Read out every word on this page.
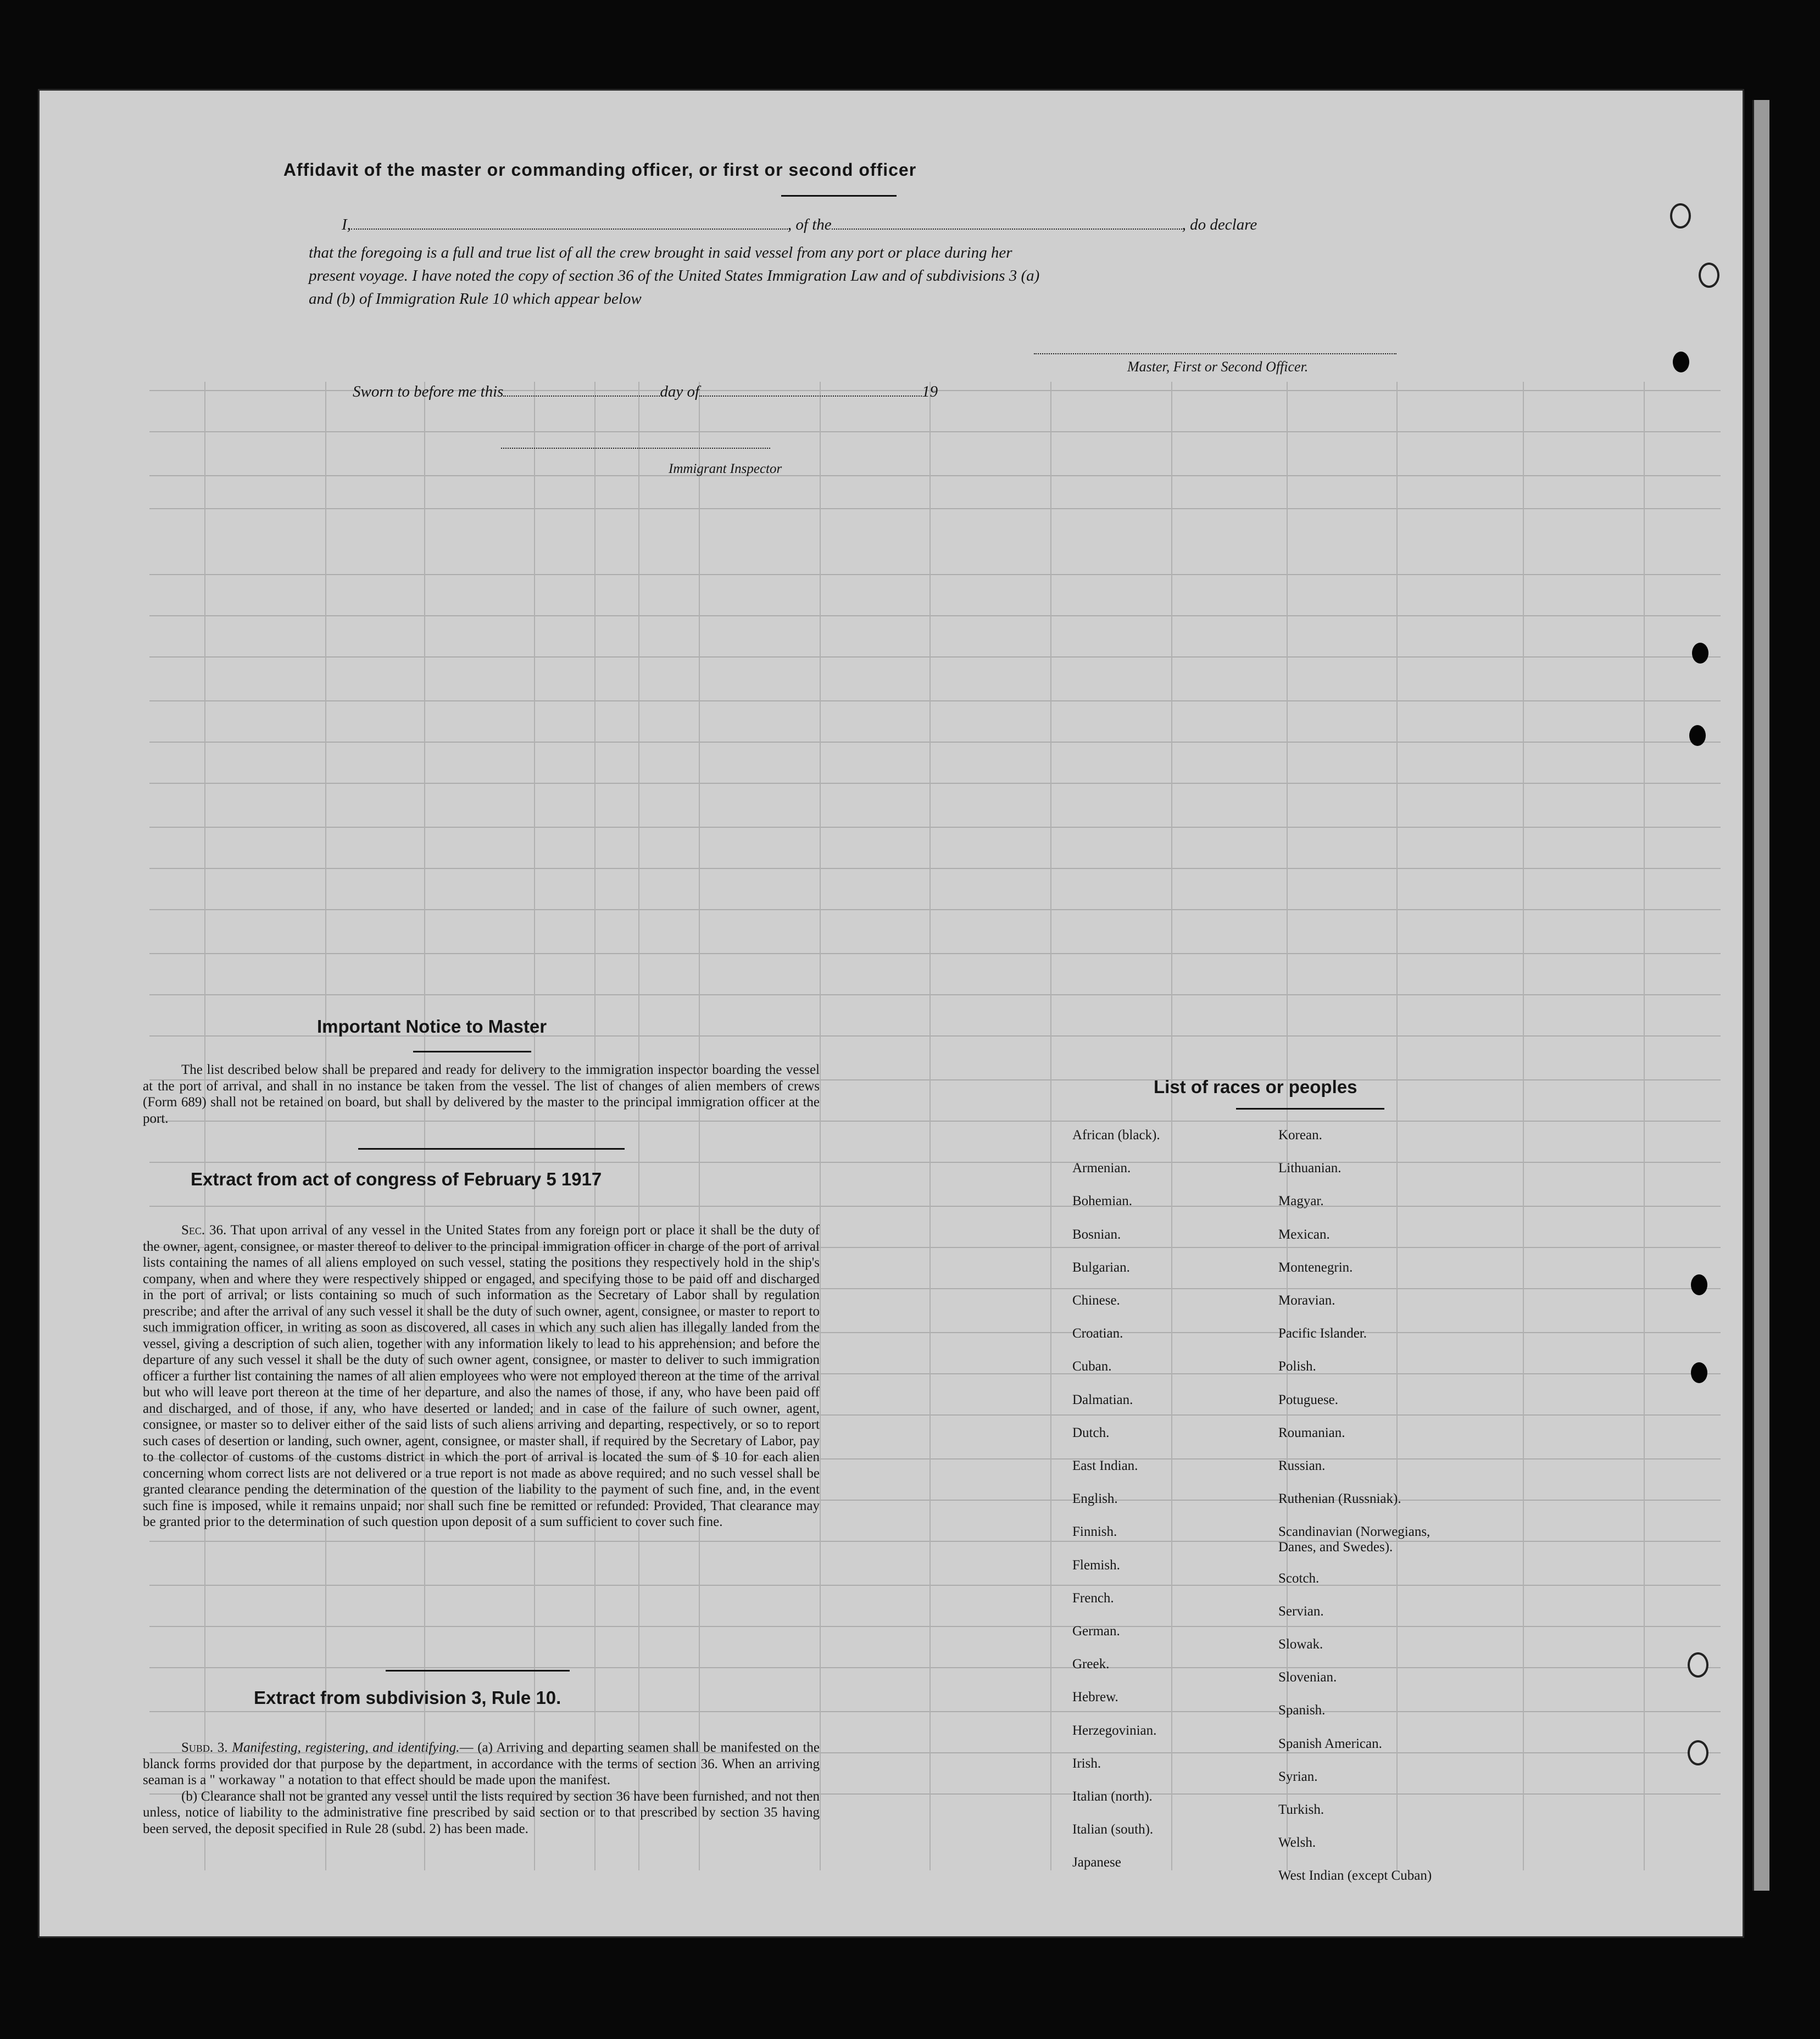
Affidavit of the master or commanding officer, or first or second officer
I,	, of the	, do declare
that the foregoing is a full and true list of all the crew brought in said vessel from any port or place during her
present voyage. I have noted the copy of section 36 of the United States Immigration Law and of subdivisions 3 (a)
and (b) of Immigration Rule 10 which appear below
Master, First or Second Officer.
Sworn to before me this	day of	19
Immigrant Inspector
Important Notice to Master
The list described below shall be prepared and ready for delivery to the immigration inspector boarding the vessel at the port of arrival, and shall in no instance be taken from the vessel. The list of changes of alien members of crews (Form 689) shall not be retained on board, but shall by delivered by the master to the principal immigration officer at the port.
Extract from act of congress of February 5 1917
Sec. 36. That upon arrival of any vessel in the United States from any foreign port or place it shall be the duty of the owner, agent, consignee, or master thereof to deliver to the principal immigration officer in charge of the port of arrival lists containing the names of all aliens employed on such vessel, stating the positions they respectively hold in the ship's company, when and where they were respectively shipped or engaged, and specifying those to be paid off and discharged in the port of arrival; or lists containing so much of such information as the Secretary of Labor shall by regulation prescribe; and after the arrival of any such vessel it shall be the duty of such owner, agent, consignee, or master to report to such immigration officer, in writing as soon as discovered, all cases in which any such alien has illegally landed from the vessel, giving a description of such alien, together with any information likely to lead to his apprehension; and before the departure of any such vessel it shall be the duty of such owner agent, consignee, or master to deliver to such immigration officer a further list containing the names of all alien employees who were not employed thereon at the time of the arrival but who will leave port thereon at the time of her departure, and also the names of those, if any, who have been paid off and discharged, and of those, if any, who have deserted or landed; and in case of the failure of such owner, agent, consignee, or master so to deliver either of the said lists of such aliens arriving and departing, respectively, or so to report such cases of desertion or landing, such owner, agent, consignee, or master shall, if required by the Secretary of Labor, pay to the collector of customs of the customs district in which the port of arrival is located the sum of $ 10 for each alien concerning whom correct lists are not delivered or a true report is not made as above required; and no such vessel shall be granted clearance pending the determination of the question of the liability to the payment of such fine, and, in the event such fine is imposed, while it remains unpaid; nor shall such fine be remitted or refunded: Provided, That clearance may be granted prior to the determination of such question upon deposit of a sum sufficient to cover such fine.
Extract from subdivision 3, Rule 10.

Subd. 3. Manifesting, registering, and identifying.— (a) Arriving and departing seamen shall be manifested on the blanck forms provided dor that purpose by the department, in accordance with the terms of section 36. When an arriving seaman is a " workaway " a notation to that effect should be made upon the manifest.

(b) Clearance shall not be granted any vessel until the lists required by section 36 have been furnished, and not then unless, notice of liability to the administrative fine prescribed by said section or to that prescribed by section 35 having been served, the deposit specified in Rule 28 (subd. 2) has been made.

List of races or peoples
African (black).
Armenian.
Bohemian.
Bosnian.
Bulgarian.
Chinese.
Croatian.
Cuban.
Dalmatian.
Dutch.
East Indian.
English.
Finnish.
Flemish.
French.
German.
Greek.
Hebrew.
Herzegovinian.
Irish.
Italian (north).
Italian (south).
Japanese
Korean.
Lithuanian.
Magyar.
Mexican.
Montenegrin.
Moravian.
Pacific Islander.
Polish.
Potuguese.
Roumanian.
Russian.
Ruthenian (Russniak).
Scandinavian (Norwegians,
Danes, and Swedes).
Scotch.
Servian.
Slowak.
Slovenian.
Spanish.
Spanish American.
Syrian.
Turkish.
Welsh.
West Indian (except Cuban)
